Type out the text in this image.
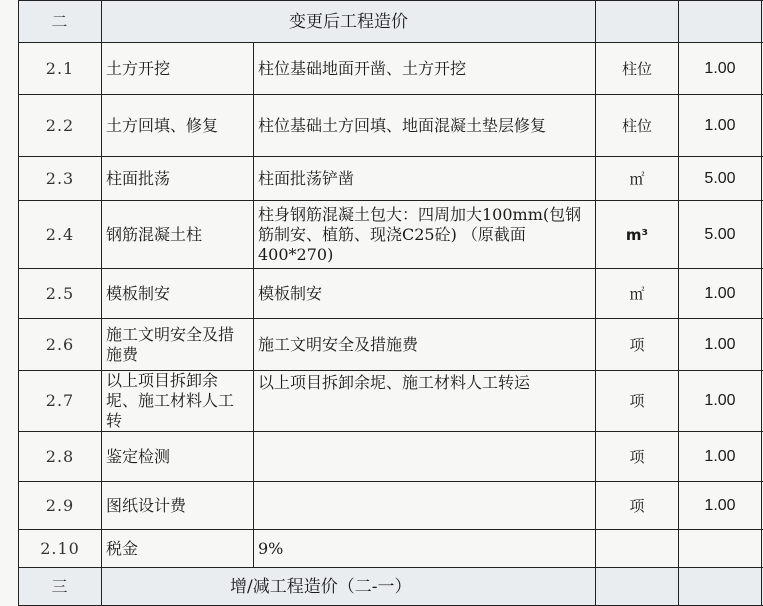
二	变更后工程造价				
2.1	土方开挖	柱位基础地面开凿、土方开挖	柱位	1.00	
2.2	土方回填、修复	柱位基础土方回填、地面混凝土垫层修复	柱位	1.00	
2.3	柱面批荡	柱面批荡铲凿	㎡	5.00	
2.4	钢筋混凝土柱	柱身钢筋混凝土包大：四周加大100mm(包钢筋制安、植筋、现浇C25砼) （原截面400*270)	m³	5.00	
2.5	模板制安	模板制安	㎡	1.00	
2.6	施工文明安全及措施费	施工文明安全及措施费	项	1.00	
2.7	以上项目拆卸余坭、施工材料人工转	以上项目拆卸余坭、施工材料人工转运	项	1.00	
2.8	鉴定检测		项	1.00	
2.9	图纸设计费		项	1.00	
2.10	税金	9%			
三	增/减工程造价（二-一）				
